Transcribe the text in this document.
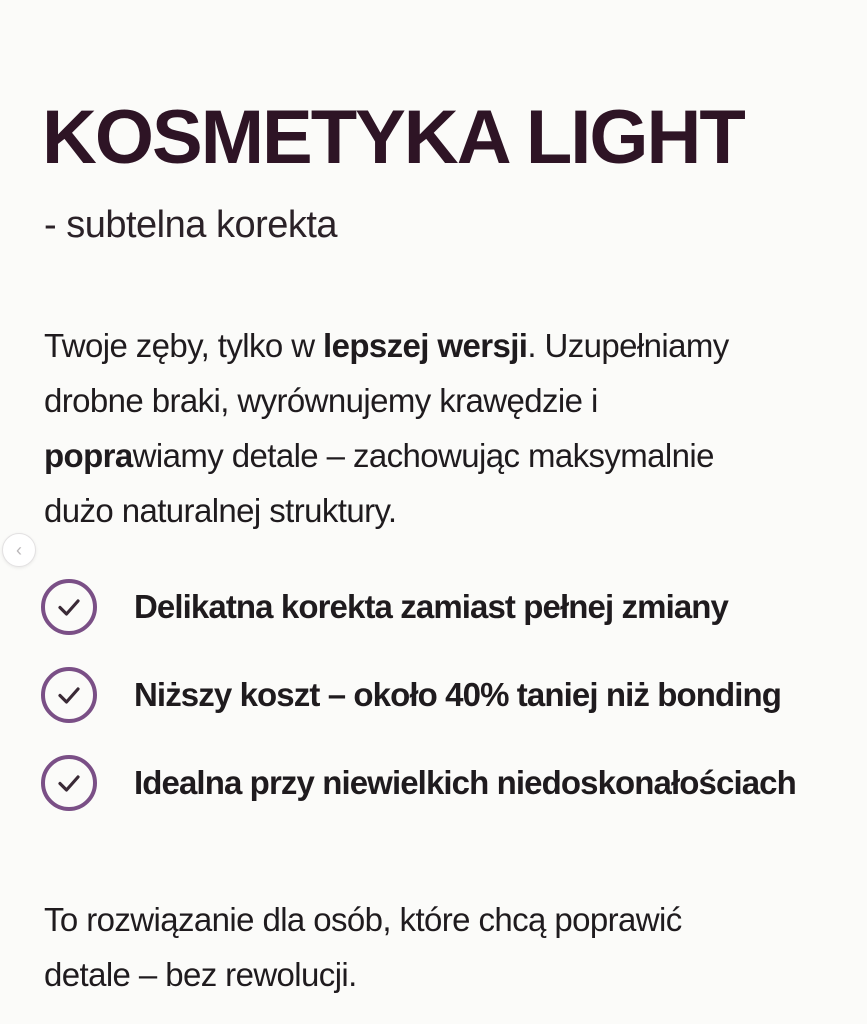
KOSMETYKA LIGHT
- subtelna korekta

Twoje zęby, tylko w lepszej wersji. Uzupełniamy
drobne braki, wyrównujemy krawędzie i
poprawiamy detale – zachowując maksymalnie
dużo naturalnej struktury.

‹
Delikatna korekta zamiast pełnej zmiany
Niższy koszt – około 40% taniej niż bonding
Idealna przy niewielkich niedoskonałościach

To rozwiązanie dla osób, które chcą poprawić
detale – bez rewolucji.
